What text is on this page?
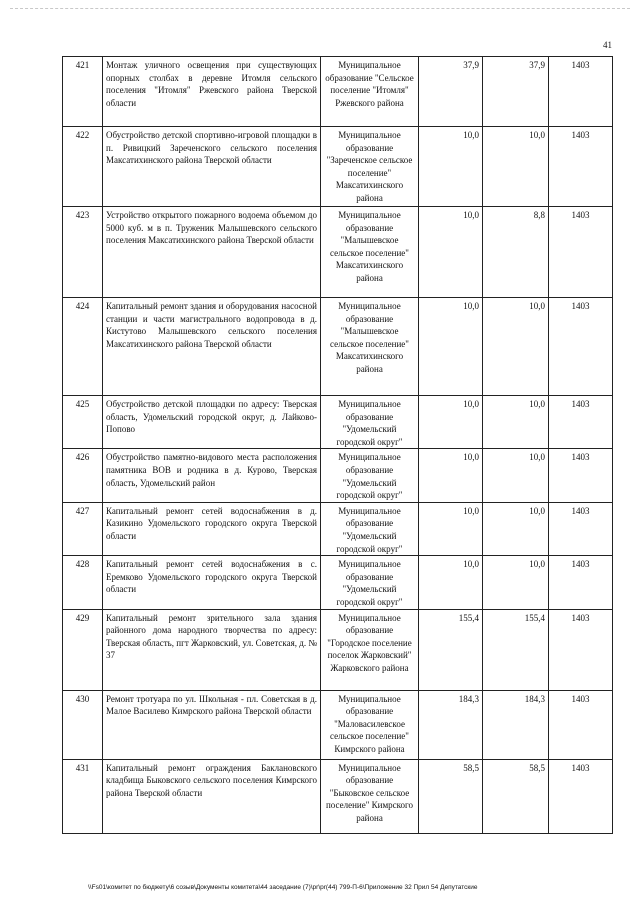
41
421	Монтаж уличного освещения при существующих опорных столбах в деревне Итомля сельского поселения "Итомля" Ржевского района Тверской области	Муниципальное образование "Сельское поселение "Итомля" Ржевского района	37,9	37,9	1403
422	Обустройство детской спортивно-игровой площадки в п. Ривицкий Зареченского сельского поселения Максатихинского района Тверской области	Муниципальное образование "Зареченское сельское поселение" Максатихинского района	10,0	10,0	1403
423	Устройство открытого пожарного водоема объемом до 5000 куб. м в п. Труженик Малышевского сельского поселения Максатихинского района Тверской области	Муниципальное образование "Малышевское сельское поселение" Максатихинского района	10,0	8,8	1403
424	Капитальный ремонт здания и оборудования насосной станции и части магистрального водопровода в д. Кистутово Малышевского сельского поселения Максатихинского района Тверской области	Муниципальное образование "Малышевское сельское поселение" Максатихинского района	10,0	10,0	1403
425	Обустройство детской площадки по адресу: Тверская область, Удомельский городской округ, д. Лайково-Попово	Муниципальное образование "Удомельский городской округ"	10,0	10,0	1403
426	Обустройство памятно-видового места расположения памятника ВОВ и родника в д. Курово, Тверская область, Удомельский район	Муниципальное образование "Удомельский городской округ"	10,0	10,0	1403
427	Капитальный ремонт сетей водоснабжения в д. Казикино Удомельского городского округа Тверской области	Муниципальное образование "Удомельский городской округ"	10,0	10,0	1403
428	Капитальный ремонт сетей водоснабжения в с. Еремково Удомельского городского округа Тверской области	Муниципальное образование "Удомельский городской округ"	10,0	10,0	1403
429	Капитальный ремонт зрительного зала здания районного дома народного творчества по адресу: Тверская область, пгт Жарковский, ул. Советская, д. № 37	Муниципальное образование "Городское поселение поселок Жарковский" Жарковского района	155,4	155,4	1403
430	Ремонт тротуара по ул. Школьная - пл. Советская в д. Малое Василево Кимрского района Тверской области	Муниципальное образование "Маловасилевское сельское поселение" Кимрского района	184,3	184,3	1403
431	Капитальный ремонт ограждения Баклановского кладбища Быковского сельского поселения Кимрского района Тверской области	Муниципальное образование "Быковское сельское поселение" Кимрского района	58,5	58,5	1403
\\Fs01\комитет по бюджету\6 созыв\Документы комитета\44 заседание (7)\pr\pr(44) 799-П-6\Приложение 32 Прил 54 Депутатские
